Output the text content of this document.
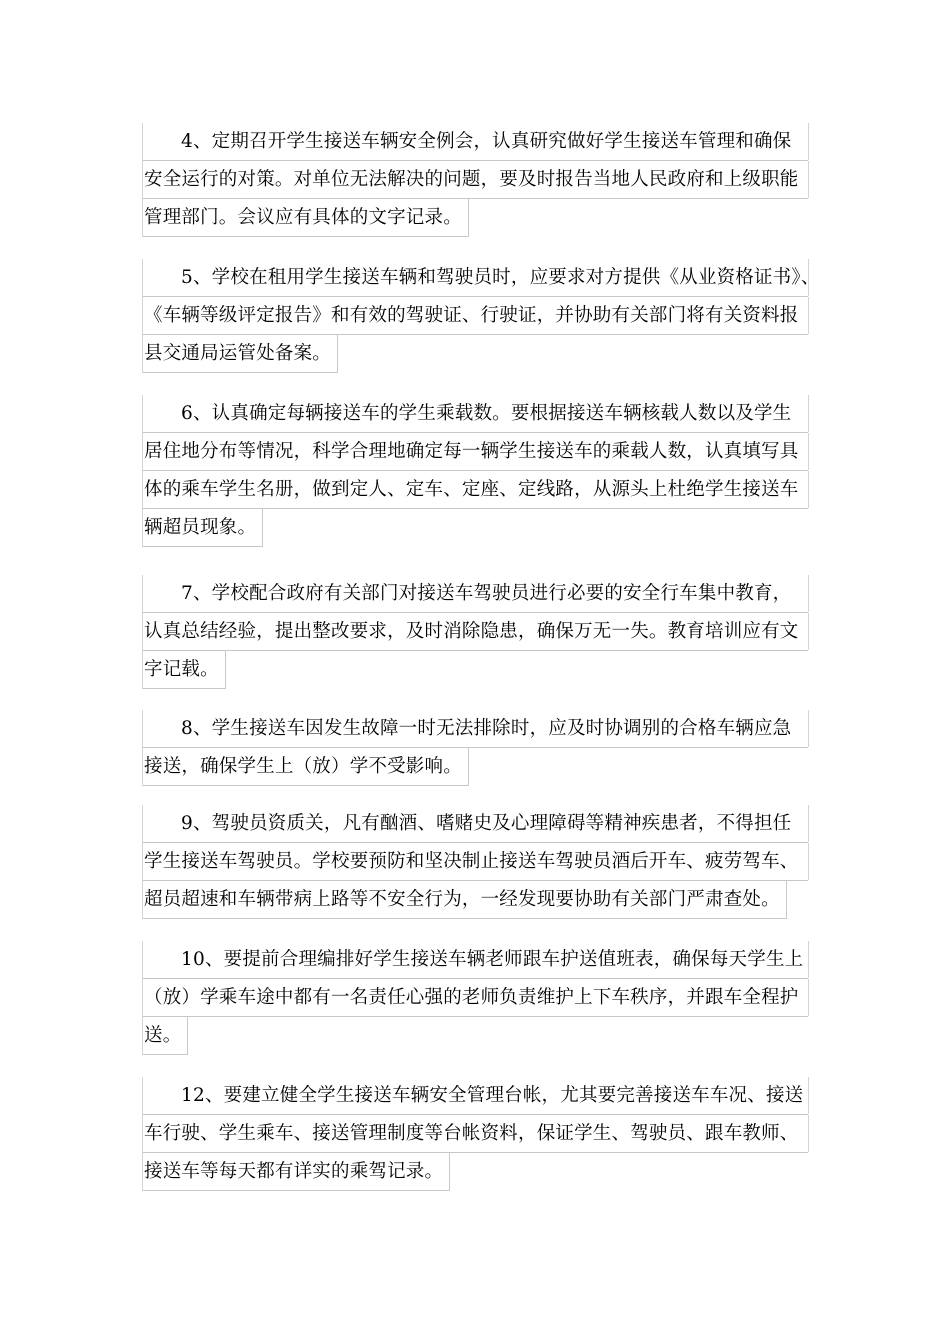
4、定期召开学生接送车辆安全例会，认真研究做好学生接送车管理和确保
安全运行的对策。对单位无法解决的问题，要及时报告当地人民政府和上级职能
管理部门。会议应有具体的文字记录。
5、学校在租用学生接送车辆和驾驶员时，应要求对方提供《从业资格证书》、
《车辆等级评定报告》和有效的驾驶证、行驶证，并协助有关部门将有关资料报
县交通局运管处备案。
6、认真确定每辆接送车的学生乘载数。要根据接送车辆核载人数以及学生
居住地分布等情况，科学合理地确定每一辆学生接送车的乘载人数，认真填写具
体的乘车学生名册，做到定人、定车、定座、定线路，从源头上杜绝学生接送车
辆超员现象。
7、学校配合政府有关部门对接送车驾驶员进行必要的安全行车集中教育，
认真总结经验，提出整改要求，及时消除隐患，确保万无一失。教育培训应有文
字记载。
8、学生接送车因发生故障一时无法排除时，应及时协调别的合格车辆应急
接送，确保学生上（放）学不受影响。
9、驾驶员资质关，凡有酗酒、嗜赌史及心理障碍等精神疾患者，不得担任
学生接送车驾驶员。学校要预防和坚决制止接送车驾驶员酒后开车、疲劳驾车、
超员超速和车辆带病上路等不安全行为，一经发现要协助有关部门严肃查处。
10、要提前合理编排好学生接送车辆老师跟车护送值班表，确保每天学生上
（放）学乘车途中都有一名责任心强的老师负责维护上下车秩序，并跟车全程护
送。
12、要建立健全学生接送车辆安全管理台帐，尤其要完善接送车车况、接送
车行驶、学生乘车、接送管理制度等台帐资料，保证学生、驾驶员、跟车教师、
接送车等每天都有详实的乘驾记录。
